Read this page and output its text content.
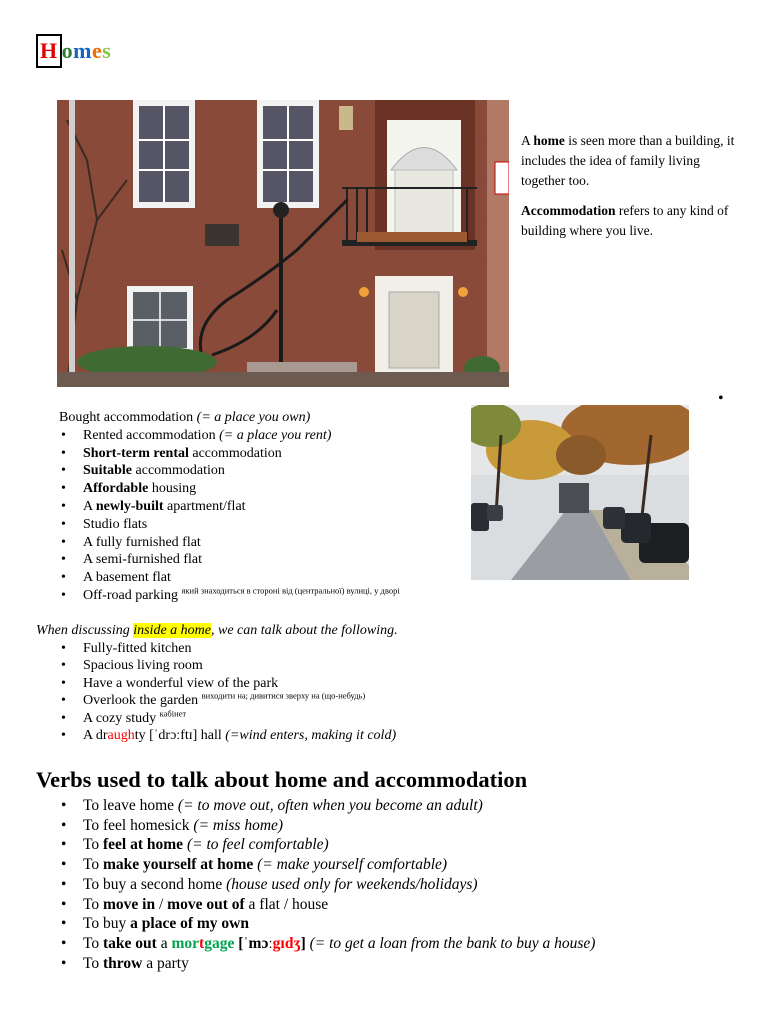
H omes

A home is seen more than a building, it includes the idea of family living together too.

Accommodation refers to any kind of building where you live.

•
Bought accommodation (= a place you own)
• Rented accommodation (= a place you rent)
• Short-term rental accommodation
• Suitable accommodation
• Affordable housing
• A newly-built apartment/flat
• Studio flats
• A fully furnished flat
• A semi-furnished flat
• A basement flat
• Off-road parking $^{який знаходиться в стороні від (центральної) вулиці, у дворі}$
When discussing inside a home, we can talk about the following.
• Fully-fitted kitchen
• Spacious living room
• Have a wonderful view of the park
• Overlook the garden $^{виходити на; дивитися зверху на (що-небудь)}$
• A cozy study $^{кабінет}$
• A draughty [ˈdrɔːftɪ] hall (=wind enters, making it cold)
Verbs used to talk about home and accommodation
• To leave home (= to move out, often when you become an adult)
• To feel homesick (= miss home)
• To feel at home (= to feel comfortable)
• To make yourself at home (= make yourself comfortable)
• To buy a second home (house used only for weekends/holidays)
• To move in / move out of a flat / house
• To buy a place of my own
• To take out a mortgage [ˈmɔːgɪdʒ] (= to get a loan from the bank to buy a house)
• To throw a party
